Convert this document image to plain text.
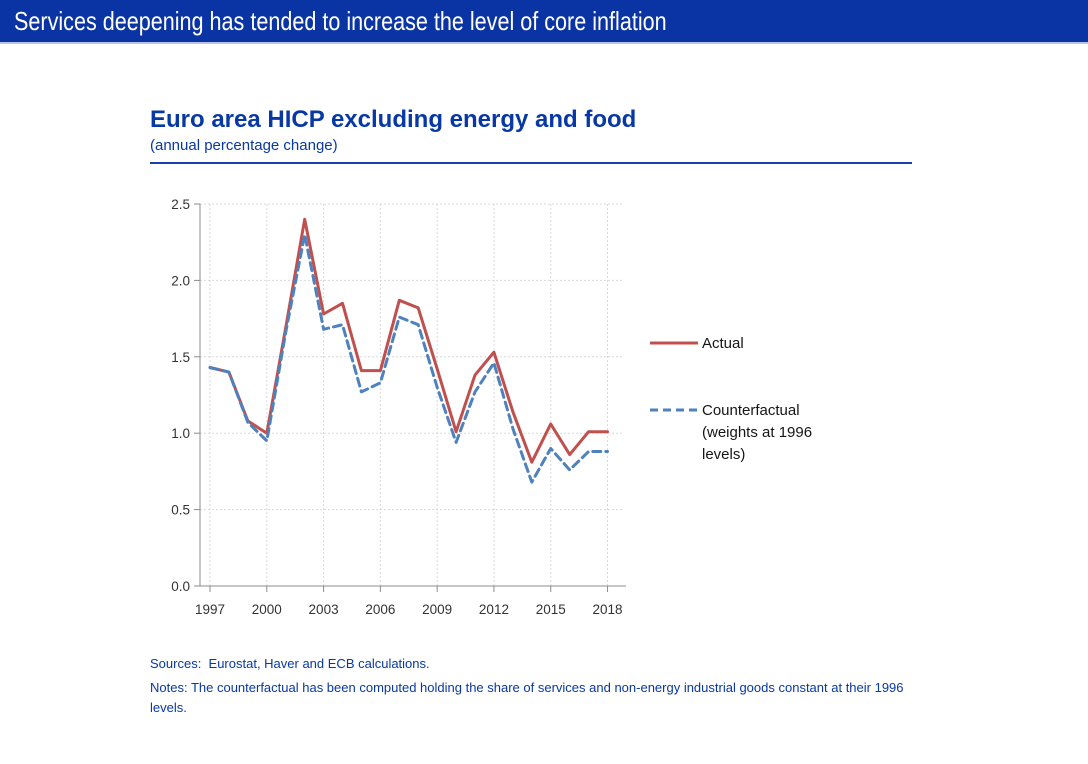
Services deepening has tended to increase the level of core inflation
Euro area HICP excluding energy and food
(annual percentage change)
0.0
0.5
1.0
1.5
2.0
2.5
1997 2000 2003 2006 2009 2012 2015 2018
Actual
Counterfactual
(weights at 1996
levels)
Sources:  Eurostat, Haver and ECB calculations.
Notes: The counterfactual has been computed holding the share of services and non-energy industrial goods constant at their 1996 levels.
